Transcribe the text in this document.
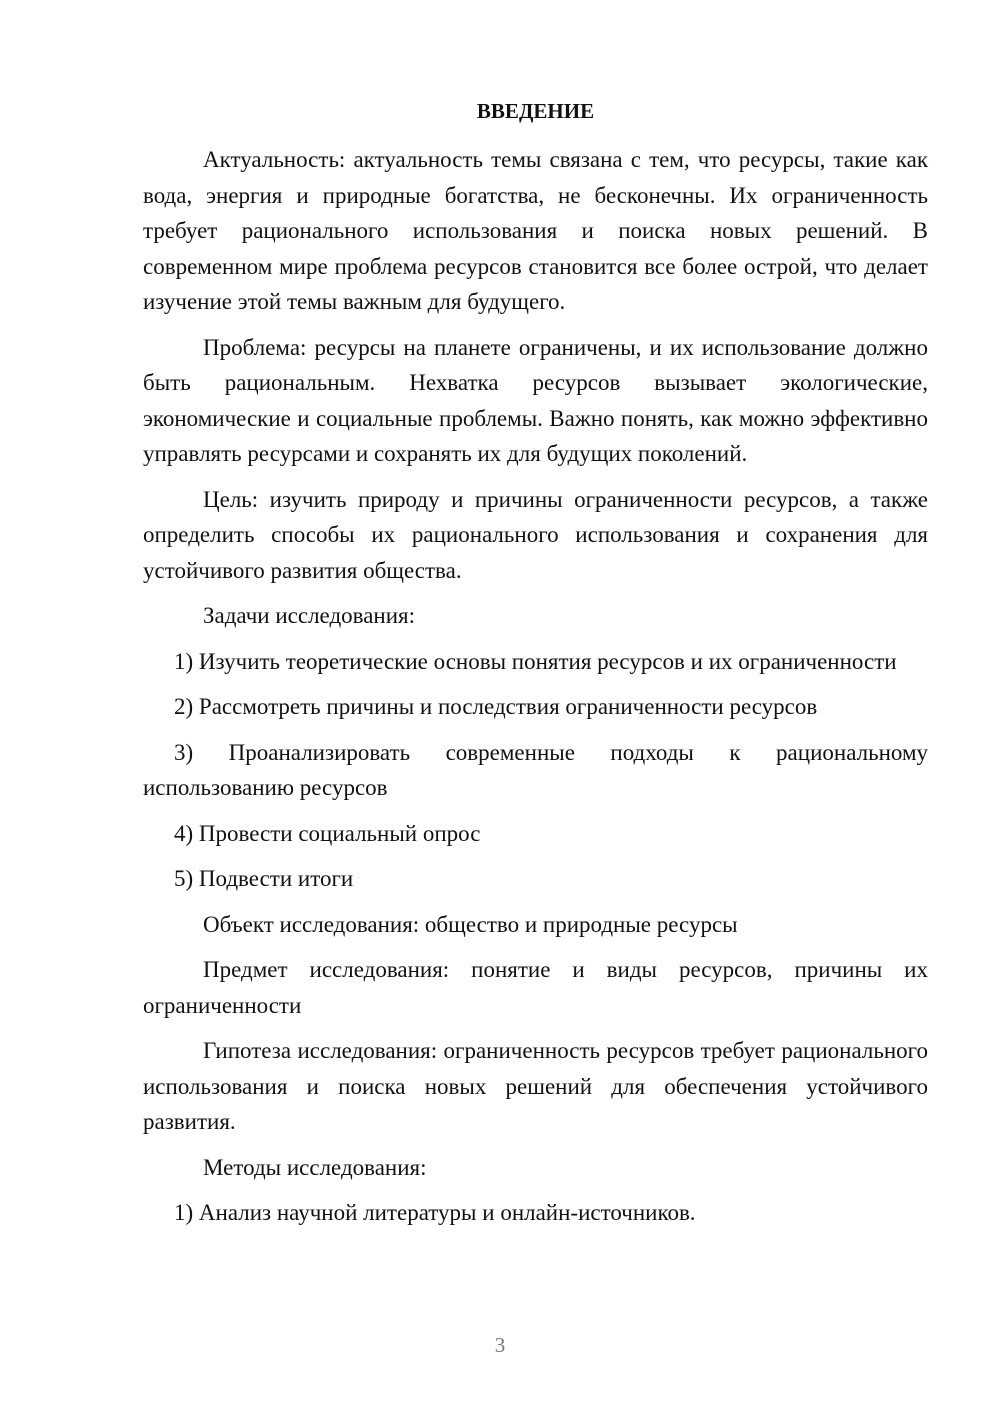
ВВЕДЕНИЕ

Актуальность: актуальность темы связана с тем, что ресурсы, такие как вода, энергия и природные богатства, не бесконечны. Их ограниченность требует рационального использования и поиска новых решений. В современном мире проблема ресурсов становится все более острой, что делает изучение этой темы важным для будущего.

Проблема: ресурсы на планете ограничены, и их использование должно быть рациональным. Нехватка ресурсов вызывает экологические, экономические и социальные проблемы. Важно понять, как можно эффективно управлять ресурсами и сохранять их для будущих поколений.

Цель: изучить природу и причины ограниченности ресурсов, а также определить способы их рационального использования и сохранения для устойчивого развития общества.

Задачи исследования:

1) Изучить теоретические основы понятия ресурсов и их ограниченности

2) Рассмотреть причины и последствия ограниченности ресурсов

3) Проанализировать современные подходы к рациональному использованию ресурсов

4) Провести социальный опрос

5) Подвести итоги

Объект исследования: общество и природные ресурсы

Предмет исследования: понятие и виды ресурсов, причины их ограниченности

Гипотеза исследования: ограниченность ресурсов требует рационального использования и поиска новых решений для обеспечения устойчивого развития.

Методы исследования:

1) Анализ научной литературы и онлайн-источников.

3
